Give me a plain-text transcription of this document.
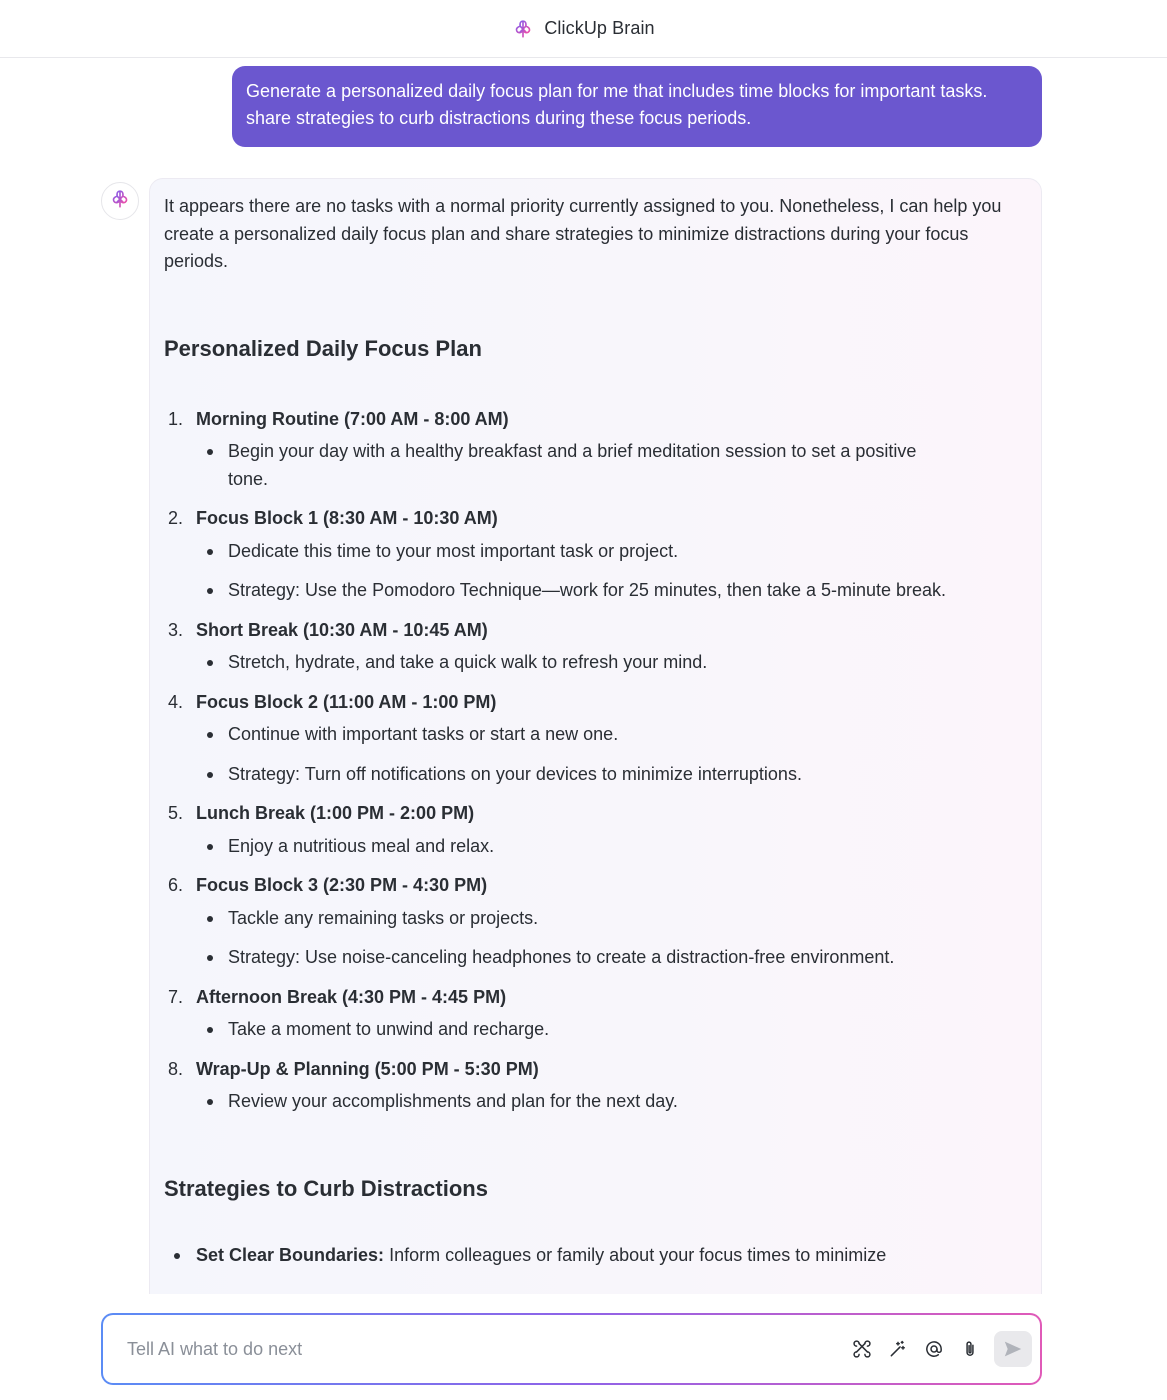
ClickUp Brain
Generate a personalized daily focus plan for me that includes time blocks for important tasks. share strategies to curb distractions during these focus periods.

It appears there are no tasks with a normal priority currently assigned to you. Nonetheless, I can help you create a personalized daily focus plan and share strategies to minimize distractions during your focus periods.

Personalized Daily Focus Plan
1. Morning Routine (7:00 AM - 8:00 AM)
Begin your day with a healthy breakfast and a brief meditation session to set a positive tone.
2. Focus Block 1 (8:30 AM - 10:30 AM)
Dedicate this time to your most important task or project.
Strategy: Use the Pomodoro Technique—work for 25 minutes, then take a 5-minute break.
3. Short Break (10:30 AM - 10:45 AM)
Stretch, hydrate, and take a quick walk to refresh your mind.
4. Focus Block 2 (11:00 AM - 1:00 PM)
Continue with important tasks or start a new one.
Strategy: Turn off notifications on your devices to minimize interruptions.
5. Lunch Break (1:00 PM - 2:00 PM)
Enjoy a nutritious meal and relax.
6. Focus Block 3 (2:30 PM - 4:30 PM)
Tackle any remaining tasks or projects.
Strategy: Use noise-canceling headphones to create a distraction-free environment.
7. Afternoon Break (4:30 PM - 4:45 PM)
Take a moment to unwind and recharge.
8. Wrap-Up & Planning (5:00 PM - 5:30 PM)
Review your accomplishments and plan for the next day.
Strategies to Curb Distractions
Set Clear Boundaries: Inform colleagues or family about your focus times to minimize
Tell AI what to do next
